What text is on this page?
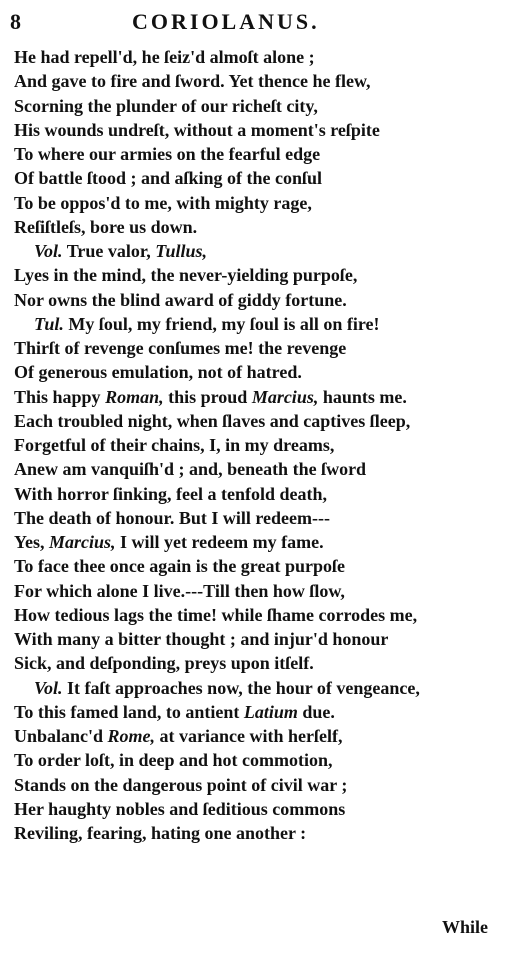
8	CORIOLANUS.
He had repell'd, he ſeiz'd almoſt alone ;
And gave to fire and ſword. Yet thence he flew,
Scorning the plunder of our richeſt city,
His wounds undreſt, without a moment's reſpite
To where our armies on the fearful edge
Of battle ſtood ; and aſking of the conſul
To be oppos'd to me, with mighty rage,
Reſiſtleſs, bore us down.
Vol. True valor, Tullus,
Lyes in the mind, the never-yielding purpoſe,
Nor owns the blind award of giddy fortune.
Tul. My ſoul, my friend, my ſoul is all on fire!
Thirſt of revenge conſumes me! the revenge
Of generous emulation, not of hatred.
This happy Roman, this proud Marcius, haunts me.
Each troubled night, when ſlaves and captives ſleep,
Forgetful of their chains, I, in my dreams,
Anew am vanquiſh'd ; and, beneath the ſword
With horror ſinking, feel a tenfold death,
The death of honour. But I will redeem---
Yes, Marcius, I will yet redeem my fame.
To face thee once again is the great purpoſe
For which alone I live.---Till then how ſlow,
How tedious lags the time! while ſhame corrodes me,
With many a bitter thought ; and injur'd honour
Sick, and deſponding, preys upon itſelf.
Vol. It faſt approaches now, the hour of vengeance,
To this famed land, to antient Latium due.
Unbalanc'd Rome, at variance with herſelf,
To order loſt, in deep and hot commotion,
Stands on the dangerous point of civil war ;
Her haughty nobles and ſeditious commons
Reviling, fearing, hating one another :
While
